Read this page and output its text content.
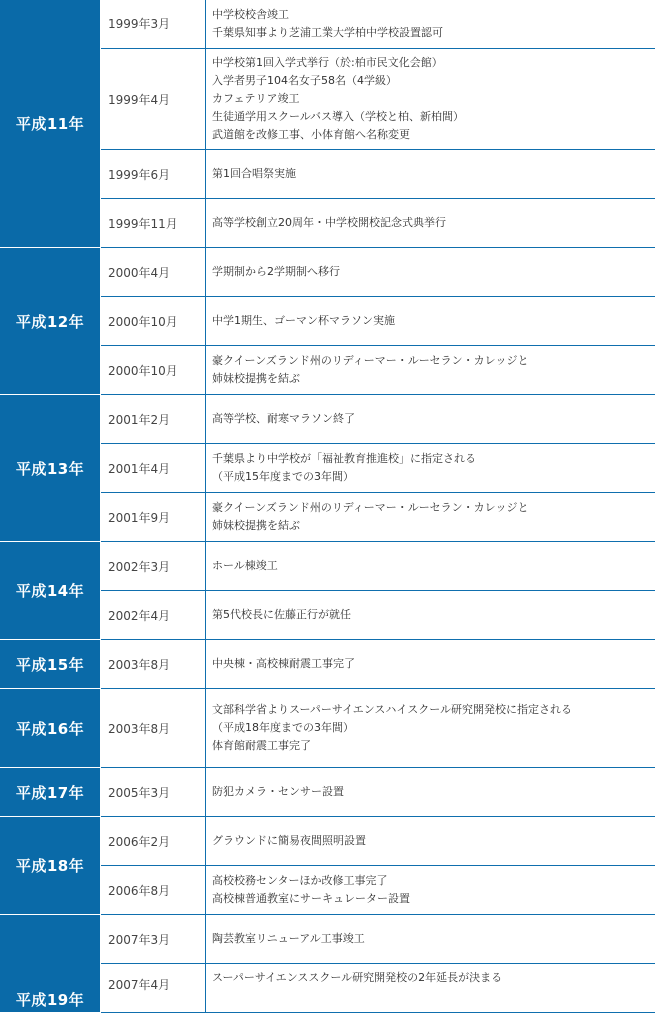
平成11年	1999年3月	中学校校舎竣工
千葉県知事より芝浦工業大学柏中学校設置認可

	1999年4月	中学校第1回入学式挙行（於:柏市民文化会館）
入学者男子104名女子58名（4学級）
カフェテリア竣工
生徒通学用スクールバス導入（学校と柏、新柏間）
武道館を改修工事、小体育館へ名称変更

	1999年6月	第1回合唱祭実施

	1999年11月	高等学校創立20周年・中学校開校記念式典挙行

平成12年	2000年4月	学期制から2学期制へ移行

	2000年10月	中学1期生、ゴーマン杯マラソン実施

	2000年10月	豪クイーンズランド州のリディーマー・ルーセラン・カレッジと
姉妹校提携を結ぶ

平成13年	2001年2月	高等学校、耐寒マラソン終了

	2001年4月	千葉県より中学校が「福祉教育推進校」に指定される
（平成15年度までの3年間）

	2001年9月	豪クイーンズランド州のリディーマー・ルーセラン・カレッジと
姉妹校提携を結ぶ

平成14年	2002年3月	ホール棟竣工

	2002年4月	第5代校長に佐藤正行が就任

平成15年	2003年8月	中央棟・高校棟耐震工事完了

平成16年	2003年8月	文部科学省よりスーパーサイエンスハイスクール研究開発校に指定される
（平成18年度までの3年間）
体育館耐震工事完了

平成17年	2005年3月	防犯カメラ・センサー設置

平成18年	2006年2月	グラウンドに簡易夜間照明設置

	2006年8月	高校校務センターほか改修工事完了
高校棟普通教室にサーキュレーター設置

平成19年	2007年3月	陶芸教室リニューアル工事竣工

	2007年4月	スーパーサイエンススクール研究開発校の2年延長が決まる
